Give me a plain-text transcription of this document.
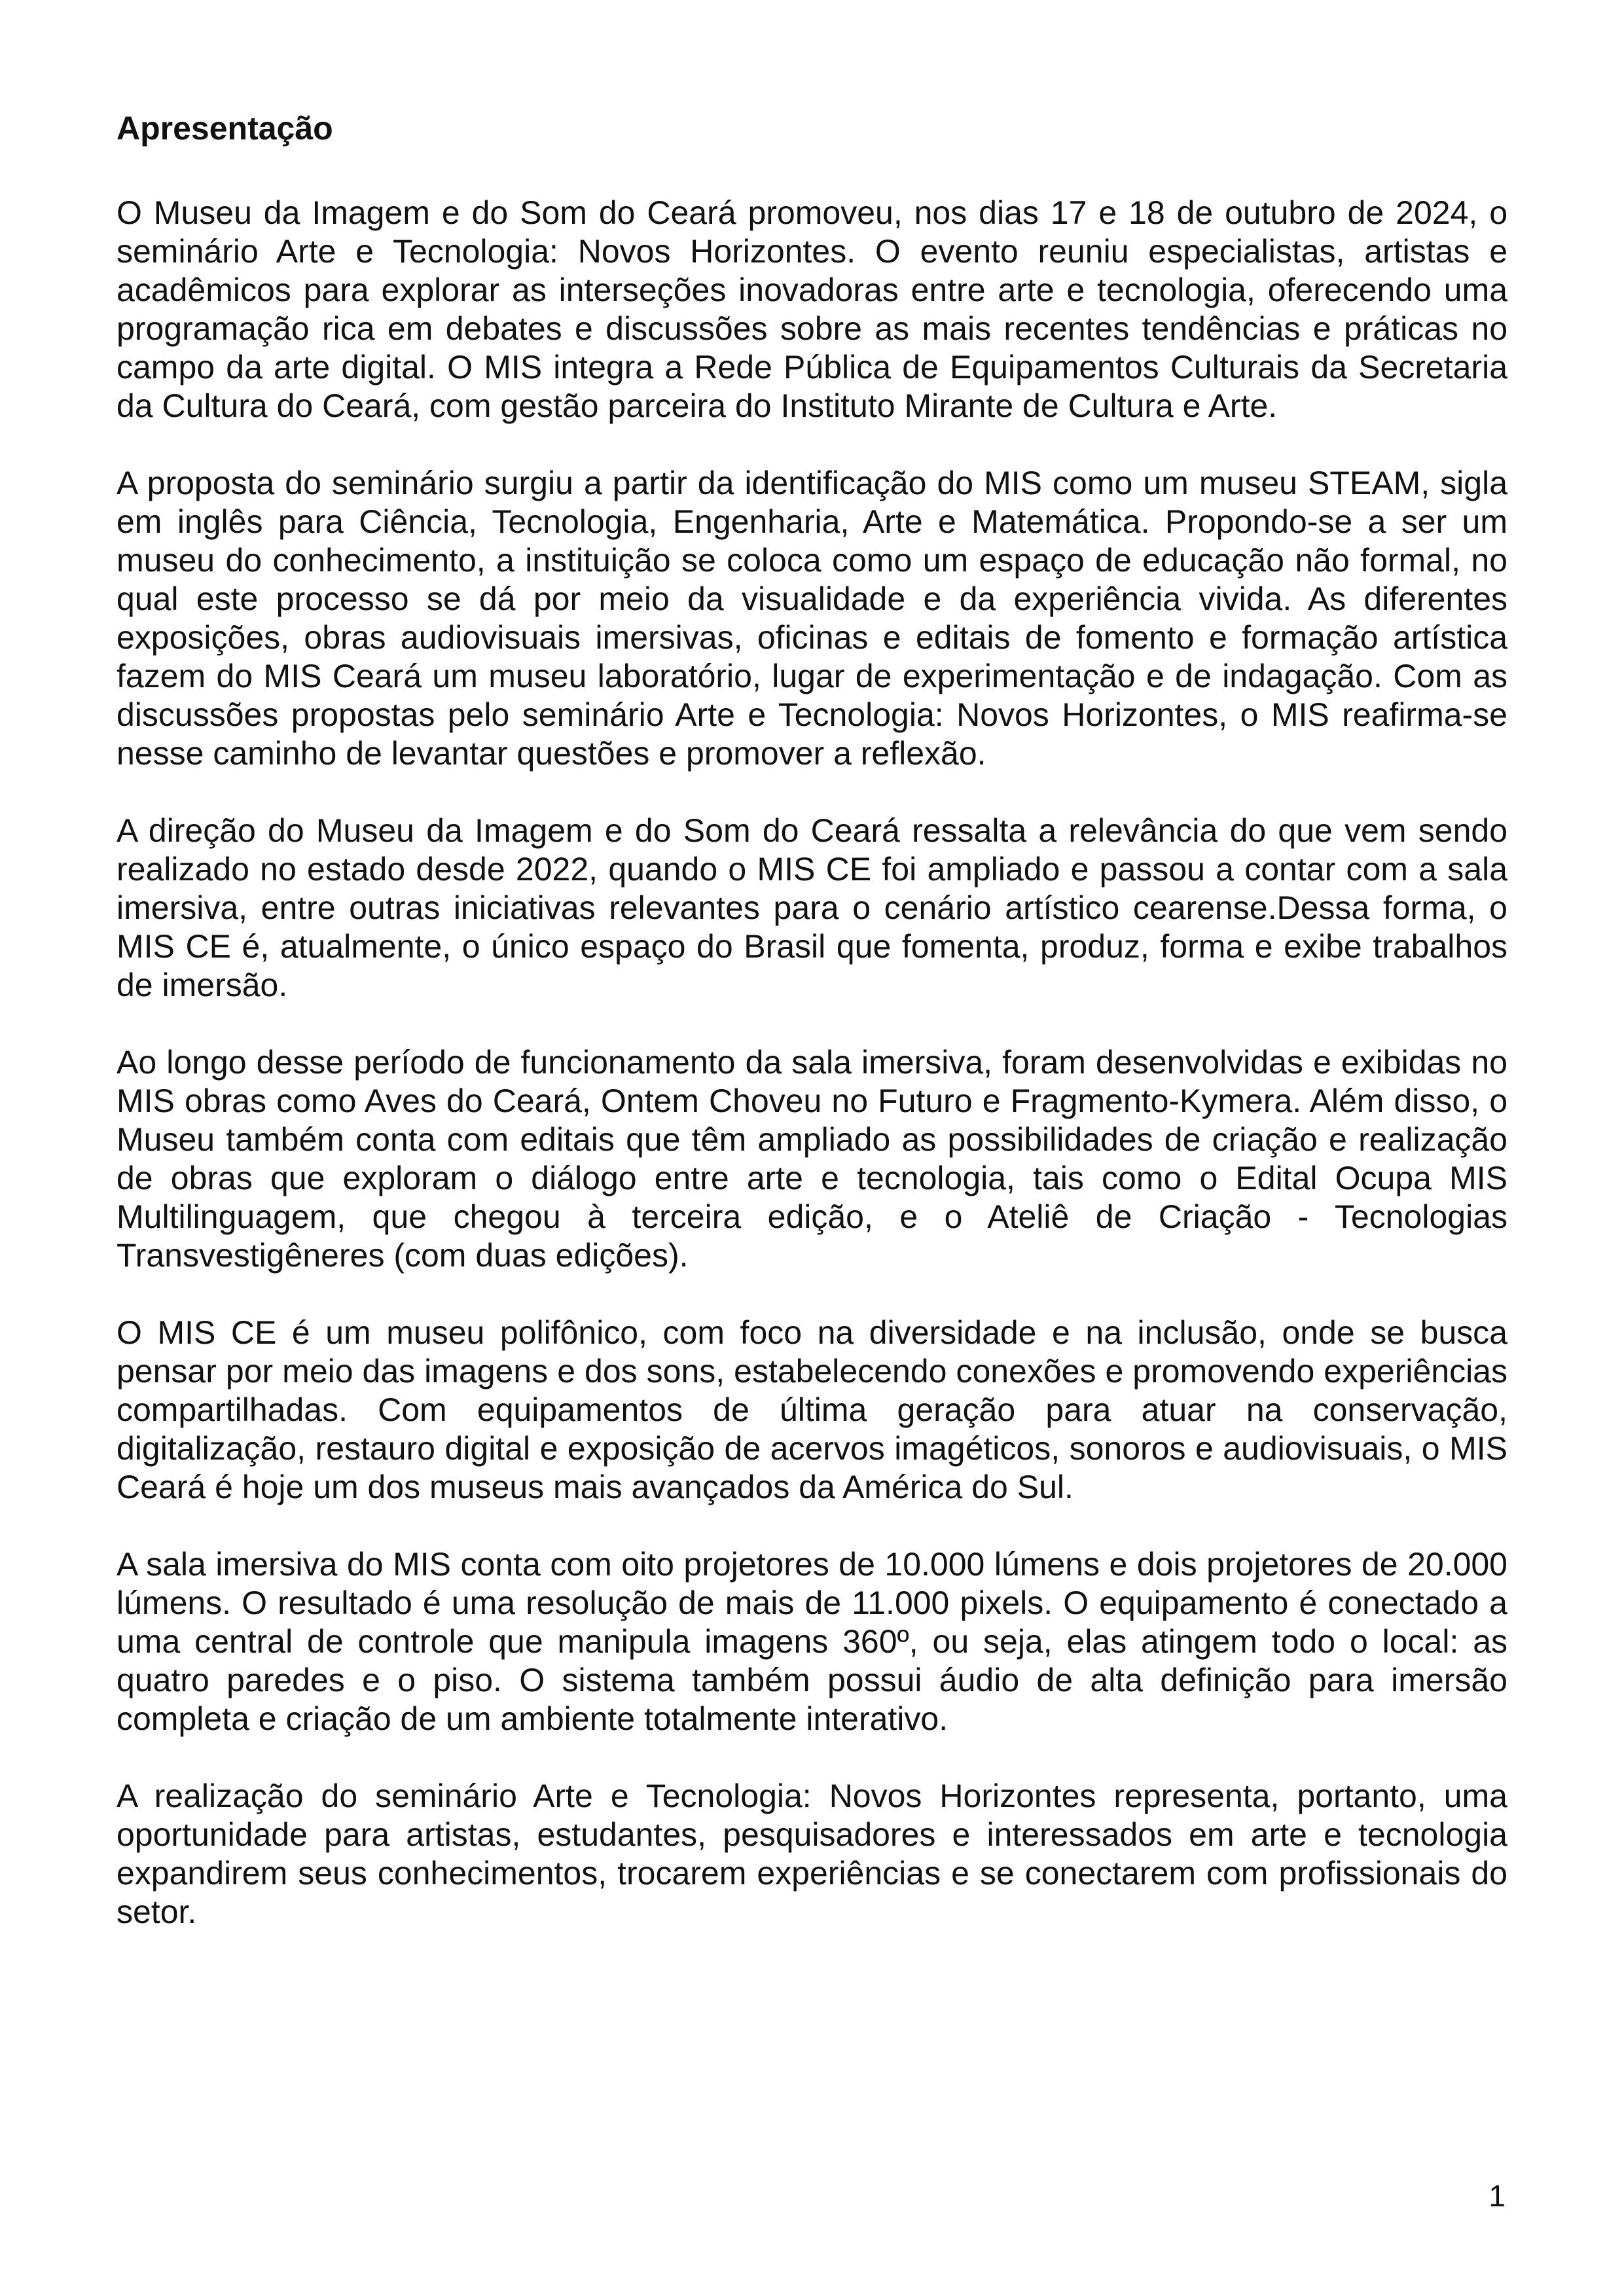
Apresentação

O Museu da Imagem e do Som do Ceará promoveu, nos dias 17 e 18 de outubro de 2024, o seminário Arte e Tecnologia: Novos Horizontes. O evento reuniu especialistas, artistas e acadêmicos para explorar as interseções inovadoras entre arte e tecnologia, oferecendo uma programação rica em debates e discussões sobre as mais recentes tendências e práticas no campo da arte digital. O MIS integra a Rede Pública de Equipamentos Culturais da Secretaria da Cultura do Ceará, com gestão parceira do Instituto Mirante de Cultura e Arte.

A proposta do seminário surgiu a partir da identificação do MIS como um museu STEAM, sigla em inglês para Ciência, Tecnologia, Engenharia, Arte e Matemática. Propondo-se a ser um museu do conhecimento, a instituição se coloca como um espaço de educação não formal, no qual este processo se dá por meio da visualidade e da experiência vivida. As diferentes exposições, obras audiovisuais imersivas, oficinas e editais de fomento e formação artística fazem do MIS Ceará um museu laboratório, lugar de experimentação e de indagação. Com as discussões propostas pelo seminário Arte e Tecnologia: Novos Horizontes, o MIS reafirma-se nesse caminho de levantar questões e promover a reflexão.

A direção do Museu da Imagem e do Som do Ceará ressalta a relevância do que vem sendo realizado no estado desde 2022, quando o MIS CE foi ampliado e passou a contar com a sala imersiva, entre outras iniciativas relevantes para o cenário artístico cearense.Dessa forma, o MIS CE é, atualmente, o único espaço do Brasil que fomenta, produz, forma e exibe trabalhos de imersão.

Ao longo desse período de funcionamento da sala imersiva, foram desenvolvidas e exibidas no MIS obras como Aves do Ceará, Ontem Choveu no Futuro e Fragmento-Kymera. Além disso, o Museu também conta com editais que têm ampliado as possibilidades de criação e realização de obras que exploram o diálogo entre arte e tecnologia, tais como o Edital Ocupa MIS Multilinguagem, que chegou à terceira edição, e o Ateliê de Criação - Tecnologias Transvestigêneres (com duas edições).

O MIS CE é um museu polifônico, com foco na diversidade e na inclusão, onde se busca pensar por meio das imagens e dos sons, estabelecendo conexões e promovendo experiências compartilhadas. Com equipamentos de última geração para atuar na conservação, digitalização, restauro digital e exposição de acervos imagéticos, sonoros e audiovisuais, o MIS Ceará é hoje um dos museus mais avançados da América do Sul.

A sala imersiva do MIS conta com oito projetores de 10.000 lúmens e dois projetores de 20.000 lúmens. O resultado é uma resolução de mais de 11.000 pixels. O equipamento é conectado a uma central de controle que manipula imagens 360º, ou seja, elas atingem todo o local: as quatro paredes e o piso. O sistema também possui áudio de alta definição para imersão completa e criação de um ambiente totalmente interativo.

A realização do seminário Arte e Tecnologia: Novos Horizontes representa, portanto, uma oportunidade para artistas, estudantes, pesquisadores e interessados em arte e tecnologia expandirem seus conhecimentos, trocarem experiências e se conectarem com profissionais do setor.

1
